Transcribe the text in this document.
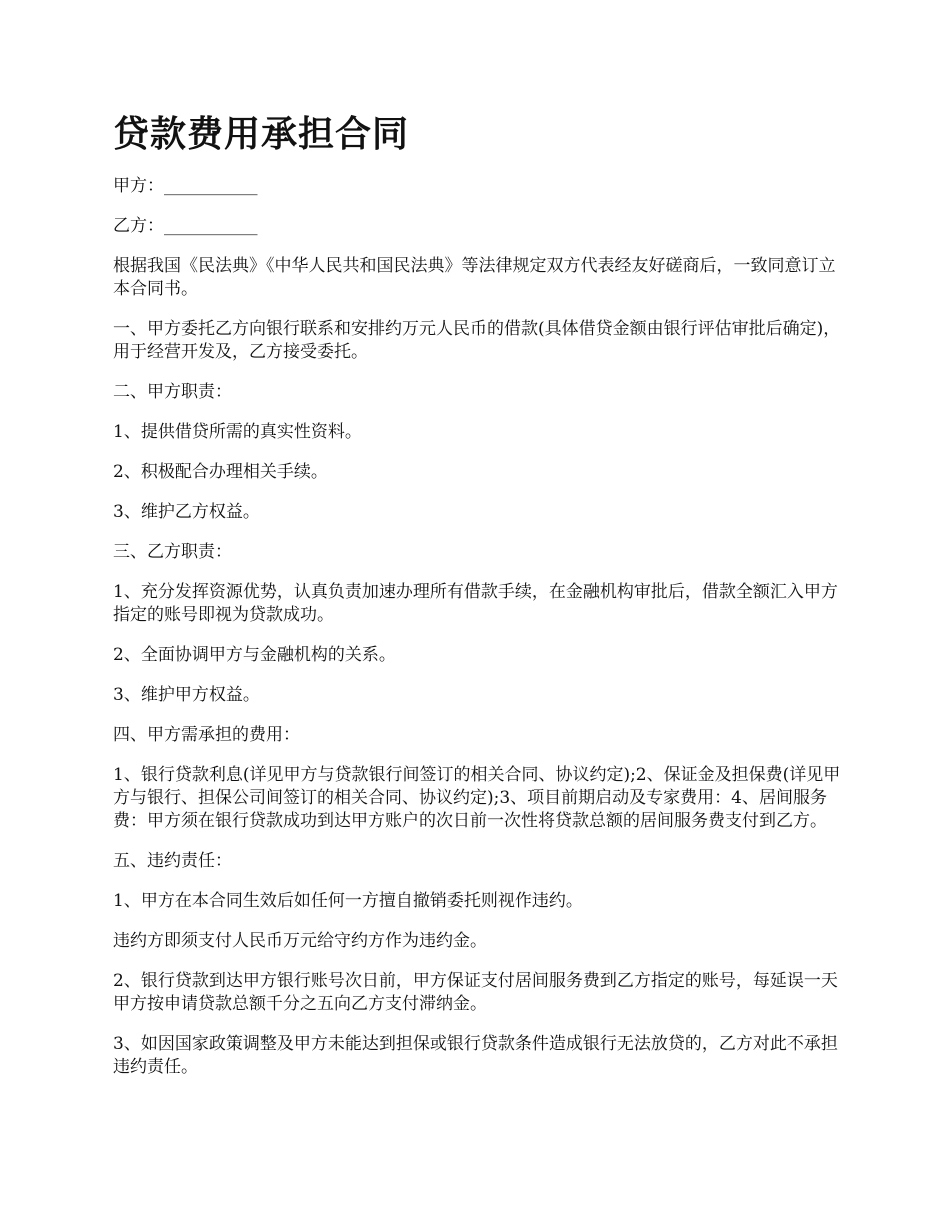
贷款费用承担合同

甲方：___________

乙方：___________

根据我国《民法典》《中华人民共和国民法典》等法律规定双方代表经友好磋商后，一致同意订立本合同书。

一、甲方委托乙方向银行联系和安排约万元人民币的借款(具体借贷金额由银行评估审批后确定)，用于经营开发及，乙方接受委托。

二、甲方职责：

1、提供借贷所需的真实性资料。

2、积极配合办理相关手续。

3、维护乙方权益。

三、乙方职责：

1、充分发挥资源优势，认真负责加速办理所有借款手续，在金融机构审批后，借款全额汇入甲方指定的账号即视为贷款成功。

2、全面协调甲方与金融机构的关系。

3、维护甲方权益。

四、甲方需承担的费用：

1、银行贷款利息(详见甲方与贷款银行间签订的相关合同、协议约定);2、保证金及担保费(详见甲方与银行、担保公司间签订的相关合同、协议约定);3、项目前期启动及专家费用：4、居间服务费：甲方须在银行贷款成功到达甲方账户的次日前一次性将贷款总额的居间服务费支付到乙方。

五、违约责任：

1、甲方在本合同生效后如任何一方擅自撤销委托则视作违约。

违约方即须支付人民币万元给守约方作为违约金。

2、银行贷款到达甲方银行账号次日前，甲方保证支付居间服务费到乙方指定的账号，每延误一天甲方按申请贷款总额千分之五向乙方支付滞纳金。

3、如因国家政策调整及甲方未能达到担保或银行贷款条件造成银行无法放贷的，乙方对此不承担违约责任。
